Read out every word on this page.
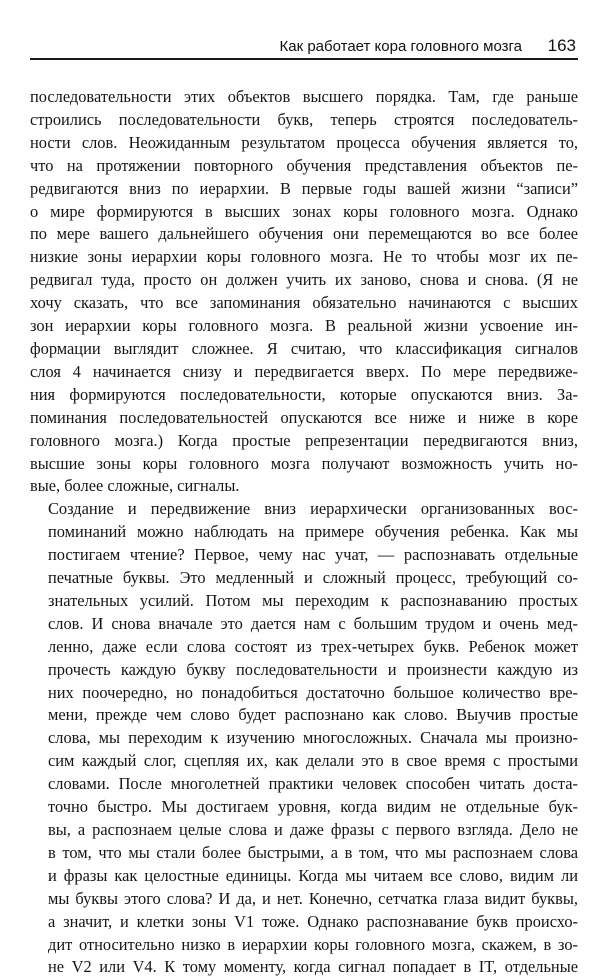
Как работает кора головного мозга 163

последовательности этих объектов высшего порядка. Там, где раньше
строились последовательности букв, теперь строятся последователь-
ности слов. Неожиданным результатом процесса обучения является то,
что на протяжении повторного обучения представления объектов пе-
редвигаются вниз по иерархии. В первые годы вашей жизни “записи”
о мире формируются в высших зонах коры головного мозга. Однако
по мере вашего дальнейшего обучения они перемещаются во все более
низкие зоны иерархии коры головного мозга. Не то чтобы мозг их пе-
редвигал туда, просто он должен учить их заново, снова и снова. (Я не
хочу сказать, что все запоминания обязательно начинаются с высших
зон иерархии коры головного мозга. В реальной жизни усвоение ин-
формации выглядит сложнее. Я считаю, что классификация сигналов
слоя 4 начинается снизу и передвигается вверх. По мере передвиже-
ния формируются последовательности, которые опускаются вниз. За-
поминания последовательностей опускаются все ниже и ниже в коре
головного мозга.) Когда простые репрезентации передвигаются вниз,
высшие зоны коры головного мозга получают возможность учить но-
вые, более сложные, сигналы.

Создание и передвижение вниз иерархически организованных вос-
поминаний можно наблюдать на примере обучения ребенка. Как мы
постигаем чтение? Первое, чему нас учат, — распознавать отдельные
печатные буквы. Это медленный и сложный процесс, требующий со-
знательных усилий. Потом мы переходим к распознаванию простых
слов. И снова вначале это дается нам с большим трудом и очень мед-
ленно, даже если слова состоят из трех-четырех букв. Ребенок может
прочесть каждую букву последовательности и произнести каждую из
них поочередно, но понадобиться достаточно большое количество вре-
мени, прежде чем слово будет распознано как слово. Выучив простые
слова, мы переходим к изучению многосложных. Сначала мы произно-
сим каждый слог, сцепляя их, как делали это в свое время с простыми
словами. После многолетней практики человек способен читать доста-
точно быстро. Мы достигаем уровня, когда видим не отдельные бук-
вы, а распознаем целые слова и даже фразы с первого взгляда. Дело не
в том, что мы стали более быстрыми, а в том, что мы распознаем слова
и фразы как целостные единицы. Когда мы читаем все слово, видим ли
мы буквы этого слова? И да, и нет. Конечно, сетчатка глаза видит буквы,
а значит, и клетки зоны V1 тоже. Однако распознавание букв происхо-
дит относительно низко в иерархии коры головного мозга, скажем, в зо-
не V2 или V4. К тому моменту, когда сигнал попадает в IT, отдельные
